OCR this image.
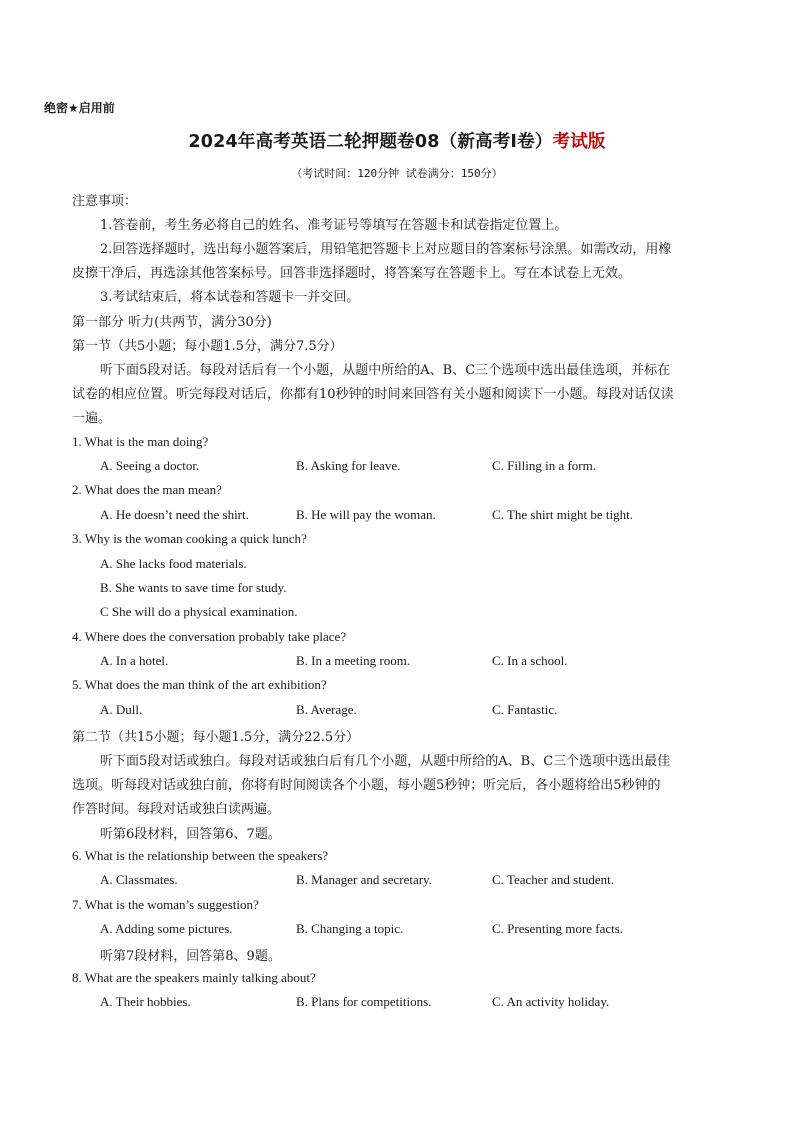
绝密★启用前
2024年高考英语二轮押题卷08（新高考I卷）考试版
（考试时间：120分钟 试卷满分：150分）
注意事项：
1.答卷前，考生务必将自己的姓名、准考证号等填写在答题卡和试卷指定位置上。
2.回答选择题时，选出每小题答案后，用铅笔把答题卡上对应题目的答案标号涂黑。如需改动，用橡
皮擦干净后，再选涂其他答案标号。回答非选择题时，将答案写在答题卡上。写在本试卷上无效。
3.考试结束后，将本试卷和答题卡一并交回。
第一部分 听力(共两节，满分30分)
第一节（共5小题；每小题1.5分，满分7.5分）
听下面5段对话。每段对话后有一个小题，从题中所给的A、B、C三个选项中选出最佳选项，并标在
试卷的相应位置。听完每段对话后，你都有10秒钟的时间来回答有关小题和阅读下一小题。每段对话仅读
一遍。
1. What is the man doing?
A. Seeing a doctor.	B. Asking for leave.	C. Filling in a form.
2. What does the man mean?
A. He doesn’t need the shirt.	B. He will pay the woman.	C. The shirt might be tight.
3. Why is the woman cooking a quick lunch?
A. She lacks food materials.
B. She wants to save time for study.
C She will do a physical examination.
4. Where does the conversation probably take place?
A. In a hotel.	B. In a meeting room.	C. In a school.
5. What does the man think of the art exhibition?
A. Dull.	B. Average.	C. Fantastic.
第二节（共15小题；每小题1.5分，满分22.5分）
听下面5段对话或独白。每段对话或独白后有几个小题，从题中所给的A、B、C三个选项中选出最佳
选项。听每段对话或独白前，你将有时间阅读各个小题，每小题5秒钟；听完后，各小题将给出5秒钟的
作答时间。每段对话或独白读两遍。
听第6段材料，回答第6、7题。
6. What is the relationship between the speakers?
A. Classmates.	B. Manager and secretary.	C. Teacher and student.
7. What is the woman’s suggestion?
A. Adding some pictures.	B. Changing a topic.	C. Presenting more facts.
听第7段材料，回答第8、9题。
8. What are the speakers mainly talking about?
A. Their hobbies.	B. Plans for competitions.	C. An activity holiday.
